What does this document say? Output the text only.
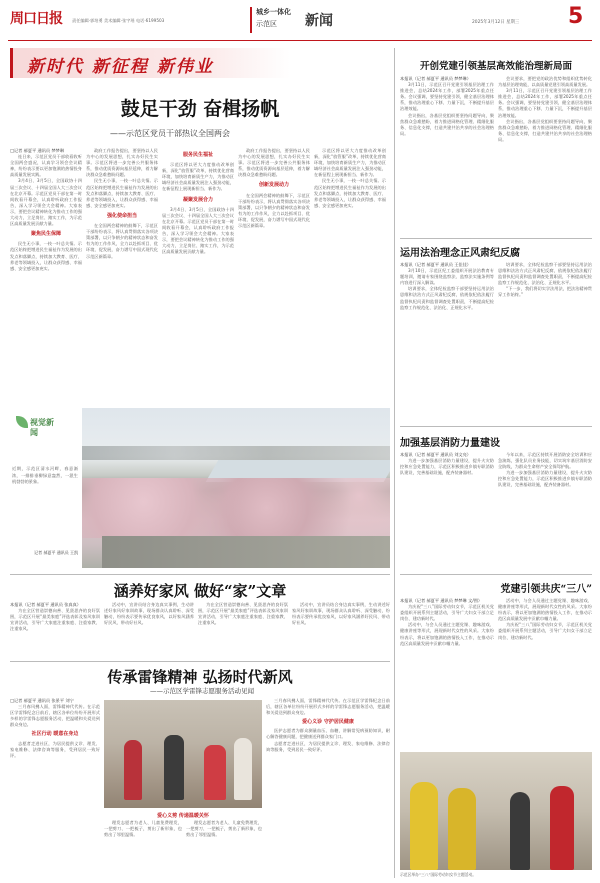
周口日报 责任编辑·郭培勇 美术编辑·张宇瑶 电话·6199503
城乡一体化
示范区	新闻	2025年3月12日 星期三 5
新时代 新征程 新伟业
鼓足干劲 奋楫扬帆
——示范区党员干部热议全国两会
□记者 郝夏平 通讯员 梦梦琳

连日来，示范区党员干部收看收听全国两会盛况，认真学习领会会议精神，纷纷表示要以更加饱满的热情投身高质量发展实践。

3月4日、3月5日，全国政协十四届三次会议、十四届全国人大三次会议在北京开幕。示范区党员干部在第一时间收看开幕会，认真聆听政府工作报告，深入学习领会大会精神。大家表示，要把会议精神转化为推动工作的强大动力，立足岗位、踏实工作，为示范区高质量发展贡献力量。

聚焦民生保障

民生无小事，一枝一叶总关情。示范区始终把增进民生福祉作为发展的出发点和落脚点，持续加大教育、医疗、养老等领域投入，让群众获得感、幸福感、安全感更加充实。

政府工作报告提出，要坚持以人民为中心的发展思想，扎实办好民生实事。示范区将进一步完善公共服务体系，推动优质资源向基层延伸，着力解决群众急难愁盼问题。

民生无小事，一枝一叶总关情。示范区始终把增进民生福祉作为发展的出发点和落脚点，持续加大教育、医疗、养老等领域投入，让群众获得感、幸福感、安全感更加充实。

强化使命担当

在全国两会精神的鼓舞下，示范区干部纷纷表示，将认真贯彻落实各项决策部署，以只争朝夕的精神状态和奋发有为的工作作风，全力以赴抓项目、优环境、促发展，奋力谱写中国式现代化示范区新篇章。

服务民生福祉

示范区将以更大力度推动改革创新，深化“放管服”改革，持续优化营商环境，加快培育新质生产力，为推动区域经济社会高质量发展注入强劲动能，在新征程上展现新担当、新作为。

凝聚发展合力

3月4日、3月5日，全国政协十四届三次会议、十四届全国人大三次会议在北京开幕。示范区党员干部在第一时间收看开幕会，认真聆听政府工作报告，深入学习领会大会精神。大家表示，要把会议精神转化为推动工作的强大动力，立足岗位、踏实工作，为示范区高质量发展贡献力量。

政府工作报告提出，要坚持以人民为中心的发展思想，扎实办好民生实事。示范区将进一步完善公共服务体系，推动优质资源向基层延伸，着力解决群众急难愁盼问题。

创新发展动力

在全国两会精神的鼓舞下，示范区干部纷纷表示，将认真贯彻落实各项决策部署，以只争朝夕的精神状态和奋发有为的工作作风，全力以赴抓项目、优环境、促发展，奋力谱写中国式现代化示范区新篇章。

示范区将以更大力度推动改革创新，深化“放管服”改革，持续优化营商环境，加快培育新质生产力，为推动区域经济社会高质量发展注入强劲动能，在新征程上展现新担当、新作为。

民生无小事，一枝一叶总关情。示范区始终把增进民生福祉作为发展的出发点和落脚点，持续加大教育、医疗、养老等领域投入，让群众获得感、幸福感、安全感更加充实。

视觉新闻
近期，示范区清水河畔，春意渐浓，一排排垂柳绿意盎然，一派生机勃勃的景象。
记者 郝夏平 通讯员 王凯
涵养好家风 做好“家”文章
本报讯（记者 郝夏平 通讯员 张真真）

为在全区营造崇德向善、见贤思齐的良好氛围，示范区开展“最美家庭”评选表彰及家风家训宣讲活动，引导广大家庭注重家庭、注重家教、注重家风。

活动中，宣讲员结合身边真实事例，生动讲述好家风好家训故事，现场群众认真聆听、深受触动，纷纷表示要传承优良家风，以好家风涵养好民风、带动好社风。

为在全区营造崇德向善、见贤思齐的良好氛围，示范区开展“最美家庭”评选表彰及家风家训宣讲活动，引导广大家庭注重家庭、注重家教、注重家风。

活动中，宣讲员结合身边真实事例，生动讲述好家风好家训故事，现场群众认真聆听、深受触动，纷纷表示要传承优良家风，以好家风涵养好民风、带动好社风。

传承雷锋精神 弘扬时代新风
——示范区学雷锋志愿服务活动见闻
□记者 郝夏平 通讯员 张景平 刘宁

三月春风拂人面，雷锋精神代代传。在示范区学雷锋纪念日前后，辖区各单位纷纷开展形式多样的学雷锋志愿服务活动，把温暖和关爱送到群众身边。

社区行动 暖意在身边

志愿者走进社区，为居民提供义诊、理发、家电维修、法律咨询等服务，受到居民一致好评。

爱心义剪 传递温暖关怀

理发志愿者为老人、儿童免费理发，一把剪刀、一把梳子，剪出了新形象，也剪出了邻里温情。

理发志愿者为老人、儿童免费理发，一把剪刀、一把梳子，剪出了新形象，也剪出了邻里温情。

三月春风拂人面，雷锋精神代代传。在示范区学雷锋纪念日前后，辖区各单位纷纷开展形式多样的学雷锋志愿服务活动，把温暖和关爱送到群众身边。

爱心义诊 守护居民健康

医护志愿者为群众测量血压、血糖，讲解常见病预防知识，耐心解答健康问题，把健康送到群众家门口。

志愿者走进社区，为居民提供义诊、理发、家电维修、法律咨询等服务，受到居民一致好评。

开创党建引领基层高效能治理新局面
本报讯（记者 郝夏平 通讯员 梦梦琳）

3月11日，示范区召开党建引领基层治理工作推进会，总结2024年工作，部署2025年重点任务。会议强调，要坚持党建引领，健全基层治理体系，推动治理重心下移、力量下沉，不断提升基层治理效能。

会议指出，各基层党组织要坚持问题导向，聚焦群众急难愁盼，着力推进网格化管理、精细化服务、信息化支撑，打造共建共治共享的社会治理格局。

会议要求，要把党的政治优势和组织优势转化为基层治理效能，以高质量党建引领高质量发展。

3月11日，示范区召开党建引领基层治理工作推进会，总结2024年工作，部署2025年重点任务。会议强调，要坚持党建引领，健全基层治理体系，推动治理重心下移、力量下沉，不断提升基层治理效能。

会议指出，各基层党组织要坚持问题导向，聚焦群众急难愁盼，着力推进网格化管理、精细化服务、信息化支撑，打造共建共治共享的社会治理格局。

运用法治理念正风肃纪反腐
本报讯（记者 郝夏平 通讯员 王佳佳）

3月10日，示范区纪工委组织开展法治教育专题培训，邀请专家围绕监察法、监察法实施条例等内容进行深入解读。

培训要求，全体纪检监察干部要坚持运用法治思维和法治方式正风肃纪反腐，依规依纪依法履行监督执纪问责和监督调查处置职责，不断提高纪检监察工作规范化、法治化、正规化水平。

培训要求，全体纪检监察干部要坚持运用法治思维和法治方式正风肃纪反腐，依规依纪依法履行监督执纪问责和监督调查处置职责，不断提高纪检监察工作规范化、法治化、正规化水平。

“下一步，我们将切实学法用法，把法治精神贯穿工作始终。”

加强基层消防力量建设
本报讯（记者 郝夏平 通讯员 刘文亮）

为进一步加强基层消防力量建设，提升火灾防控和应急处置能力，示范区积极推进乡镇专职消防队建设，完善基础设施，配齐装备器材。

今年以来，示范区持续开展消防安全培训和应急演练，强化队员业务技能，切实筑牢基层消防安全防线，为群众生命财产安全保驾护航。

为进一步加强基层消防力量建设，提升火灾防控和应急处置能力，示范区积极推进乡镇专职消防队建设，完善基础设施，配齐装备器材。

党建引领共庆“三八”
本报讯（记者 郝夏平 通讯员 梦梦琳 文/图）

为庆祝“三八”国际劳动妇女节，示范区机关党委组织开展系列主题活动，引导广大妇女干部立足岗位、建功新时代。

活动中，与会人员通过主题党课、趣味游戏、健康讲座等形式，展现新时代女性的风采。大家纷纷表示，将以更加饱满的热情投入工作，在推动示范区高质量发展中贡献巾帼力量。

活动中，与会人员通过主题党课、趣味游戏、健康讲座等形式，展现新时代女性的风采。大家纷纷表示，将以更加饱满的热情投入工作，在推动示范区高质量发展中贡献巾帼力量。

为庆祝“三八”国际劳动妇女节，示范区机关党委组织开展系列主题活动，引导广大妇女干部立足岗位、建功新时代。

示范区举办“三八”国际劳动妇女节主题活动。
